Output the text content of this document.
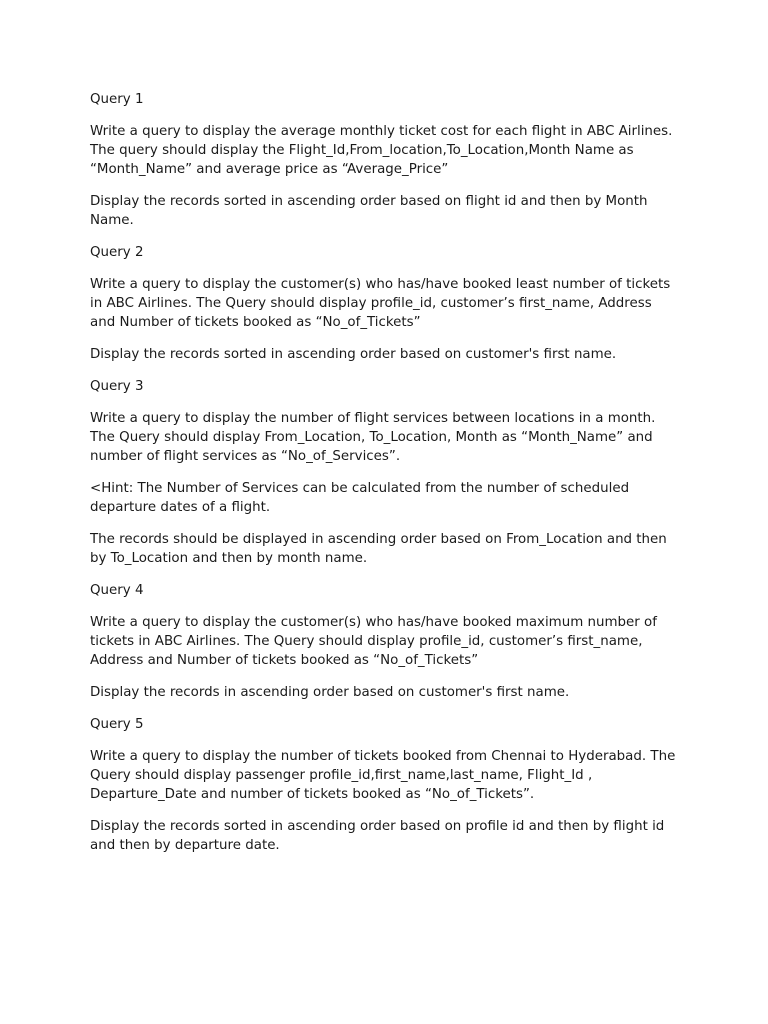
Query 1

Write a query to display the average monthly ticket cost for each flight in ABC Airlines. The query should display the Flight_Id,From_location,To_Location,Month Name as “Month_Name” and average price as “Average_Price”

Display the records sorted in ascending order based on flight id and then by Month Name.

Query 2

Write a query to display the customer(s) who has/have booked least number of tickets in ABC Airlines. The Query should display profile_id, customer’s first_name, Address and Number of tickets booked as “No_of_Tickets”

Display the records sorted in ascending order based on customer's first name.

Query 3

Write a query to display the number of flight services between locations in a month. The Query should display From_Location, To_Location, Month as “Month_Name” and number of flight services as “No_of_Services”.

<Hint: The Number of Services can be calculated from the number of scheduled departure dates of a flight.

The records should be displayed in ascending order based on From_Location and then by To_Location and then by month name.

Query 4

Write a query to display the customer(s) who has/have booked maximum number of tickets in ABC Airlines. The Query should display profile_id, customer’s first_name, Address and Number of tickets booked as “No_of_Tickets”

Display the records in ascending order based on customer's first name.

Query 5

Write a query to display the number of tickets booked from Chennai to Hyderabad. The Query should display passenger profile_id,first_name,last_name, Flight_Id , Departure_Date and number of tickets booked as “No_of_Tickets”.

Display the records sorted in ascending order based on profile id and then by flight id and then by departure date.
